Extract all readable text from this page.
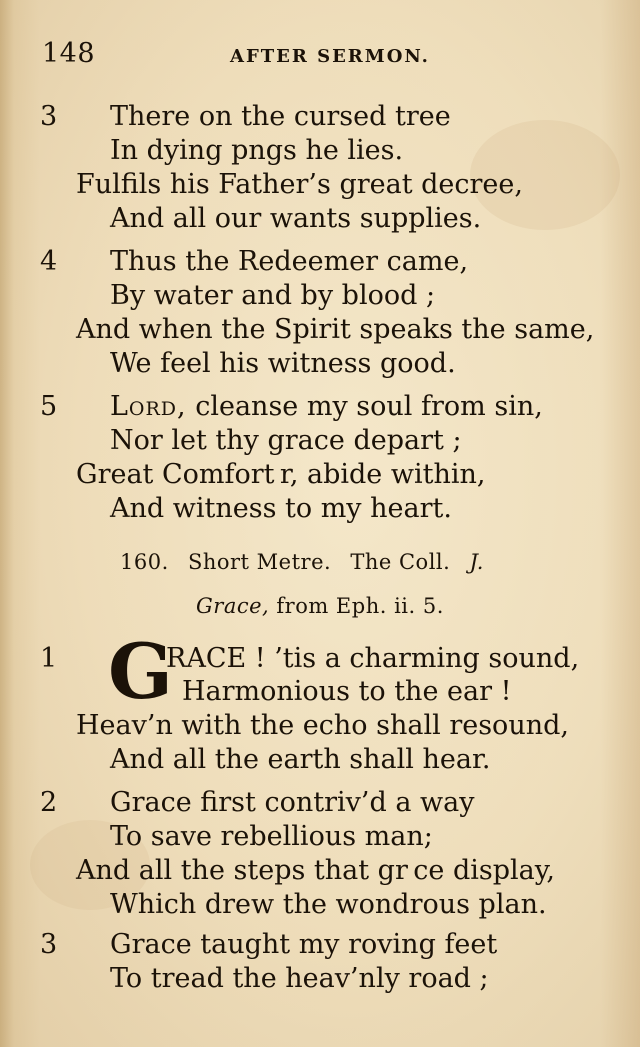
148	AFTER SERMON.
3 There on the cursed tree
In dying p⁠ngs he lies.
Fulfils his Father’s great decree,
And all our wants supplies.
4 Thus the Redeemer came,
By water and by blood ;
And when the Spirit speaks the same,
We feel his witness good.
5 Lord, cleanse my soul from sin,
Nor let thy grace depart ;
Great Comfort r, abide within,
And witness to my heart.
160. Short Metre. The Coll. J.
Grace, from Eph. ii. 5.
1 G
RACE ! ’tis a charming sound,
Harmonious to the ear !
Heav’n with the echo shall resound,
And all the earth shall hear.
2 Grace first contriv’d a way
To save rebellious man;
And all the steps that gr ce display,
Which drew the wondrous plan.
3 Grace taught my roving feet
To tread the heav’nly road ;
